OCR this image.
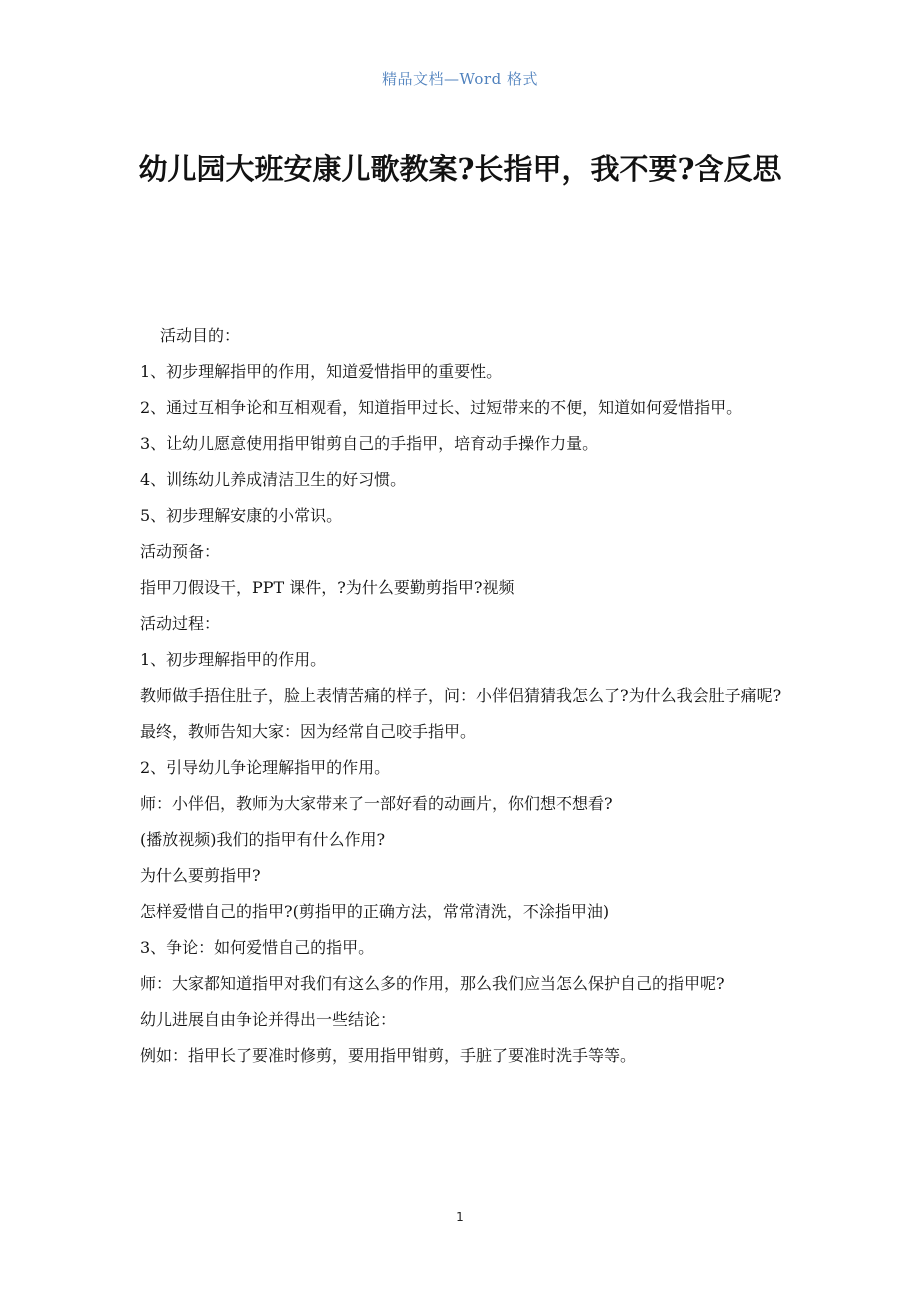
精品文档—Word 格式
幼儿园大班安康儿歌教案?长指甲，我不要?含反思

活动目的：

1、初步理解指甲的作用，知道爱惜指甲的重要性。

2、通过互相争论和互相观看，知道指甲过长、过短带来的不便，知道如何爱惜指甲。

3、让幼儿愿意使用指甲钳剪自己的手指甲，培育动手操作力量。

4、训练幼儿养成清洁卫生的好习惯。

5、初步理解安康的小常识。

活动预备：

指甲刀假设干，PPT 课件，?为什么要勤剪指甲?视频

活动过程：

1、初步理解指甲的作用。

教师做手捂住肚子，脸上表情苦痛的样子，问：小伴侣猜猜我怎么了?为什么我会肚子痛呢?

最终，教师告知大家：因为经常自己咬手指甲。

2、引导幼儿争论理解指甲的作用。

师：小伴侣，教师为大家带来了一部好看的动画片，你们想不想看?

(播放视频)我们的指甲有什么作用?

为什么要剪指甲?

怎样爱惜自己的指甲?(剪指甲的正确方法，常常清洗，不涂指甲油)

3、争论：如何爱惜自己的指甲。

师：大家都知道指甲对我们有这么多的作用，那么我们应当怎么保护自己的指甲呢?

幼儿进展自由争论并得出一些结论：

例如：指甲长了要准时修剪，要用指甲钳剪，手脏了要准时洗手等等。

1
